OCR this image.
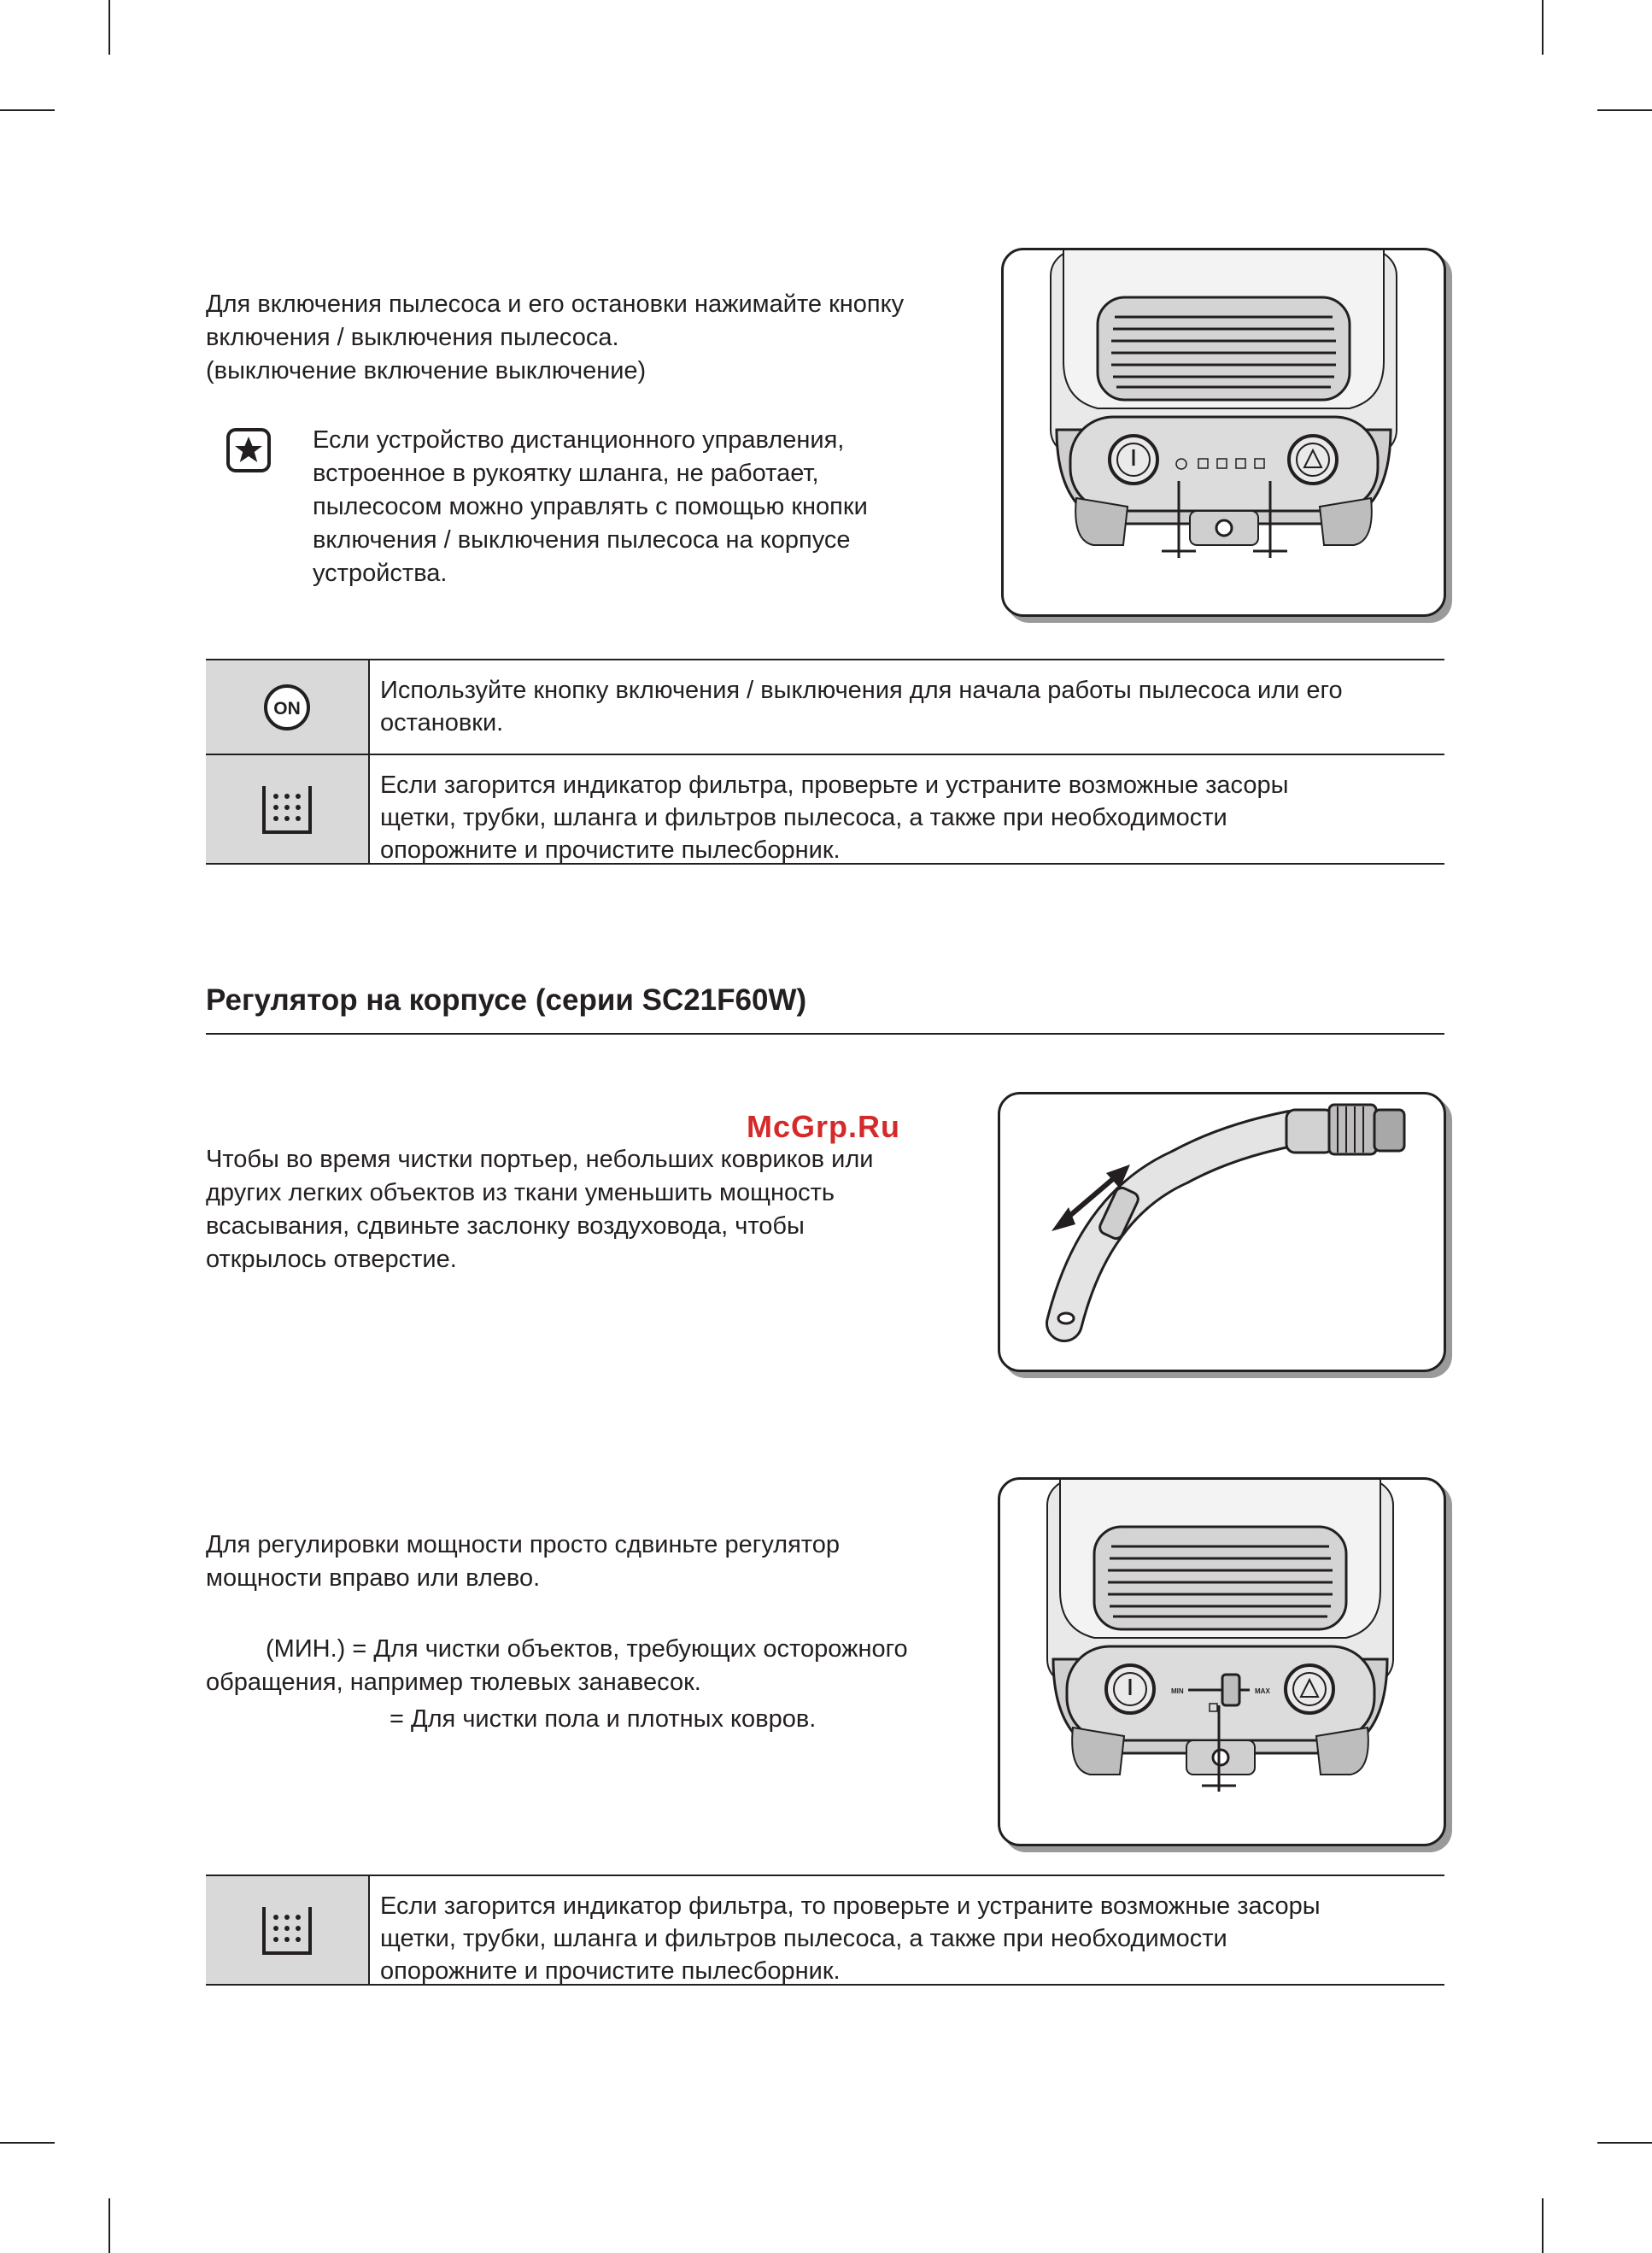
Для включения пылесоса и его остановки нажимайте кнопку
включения / выключения пылесоса.
(выключение включение выключение)
Если устройство дистанционного управления,
встроенное в рукоятку шланга, не работает,
пылесосом можно управлять с помощью кнопки
включения / выключения пылесоса на корпусе
устройства.
ON
Используйте кнопку включения / выключения для начала работы пылесоса или его
остановки.
Если загорится индикатор фильтра, проверьте и устраните возможные засоры
щетки, трубки, шланга и фильтров пылесоса, а также при необходимости
опорожните и прочистите пылесборник.
Регулятор на корпусе (серии SC21F60W)
McGrp.Ru
Чтобы во время чистки портьер, небольших ковриков или
других легких объектов из ткани уменьшить мощность
всасывания, сдвиньте заслонку воздуховода, чтобы
открылось отверстие.
Для регулировки мощности просто сдвиньте регулятор
мощности вправо или влево.
(МИН.) = Для чистки объектов, требующих осторожного
обращения, например тюлевых занавесок.
= Для чистки пола и плотных ковров.
MIN	MAX
Если загорится индикатор фильтра, то проверьте и устраните возможные засоры
щетки, трубки, шланга и фильтров пылесоса, а также при необходимости
опорожните и прочистите пылесборник.
